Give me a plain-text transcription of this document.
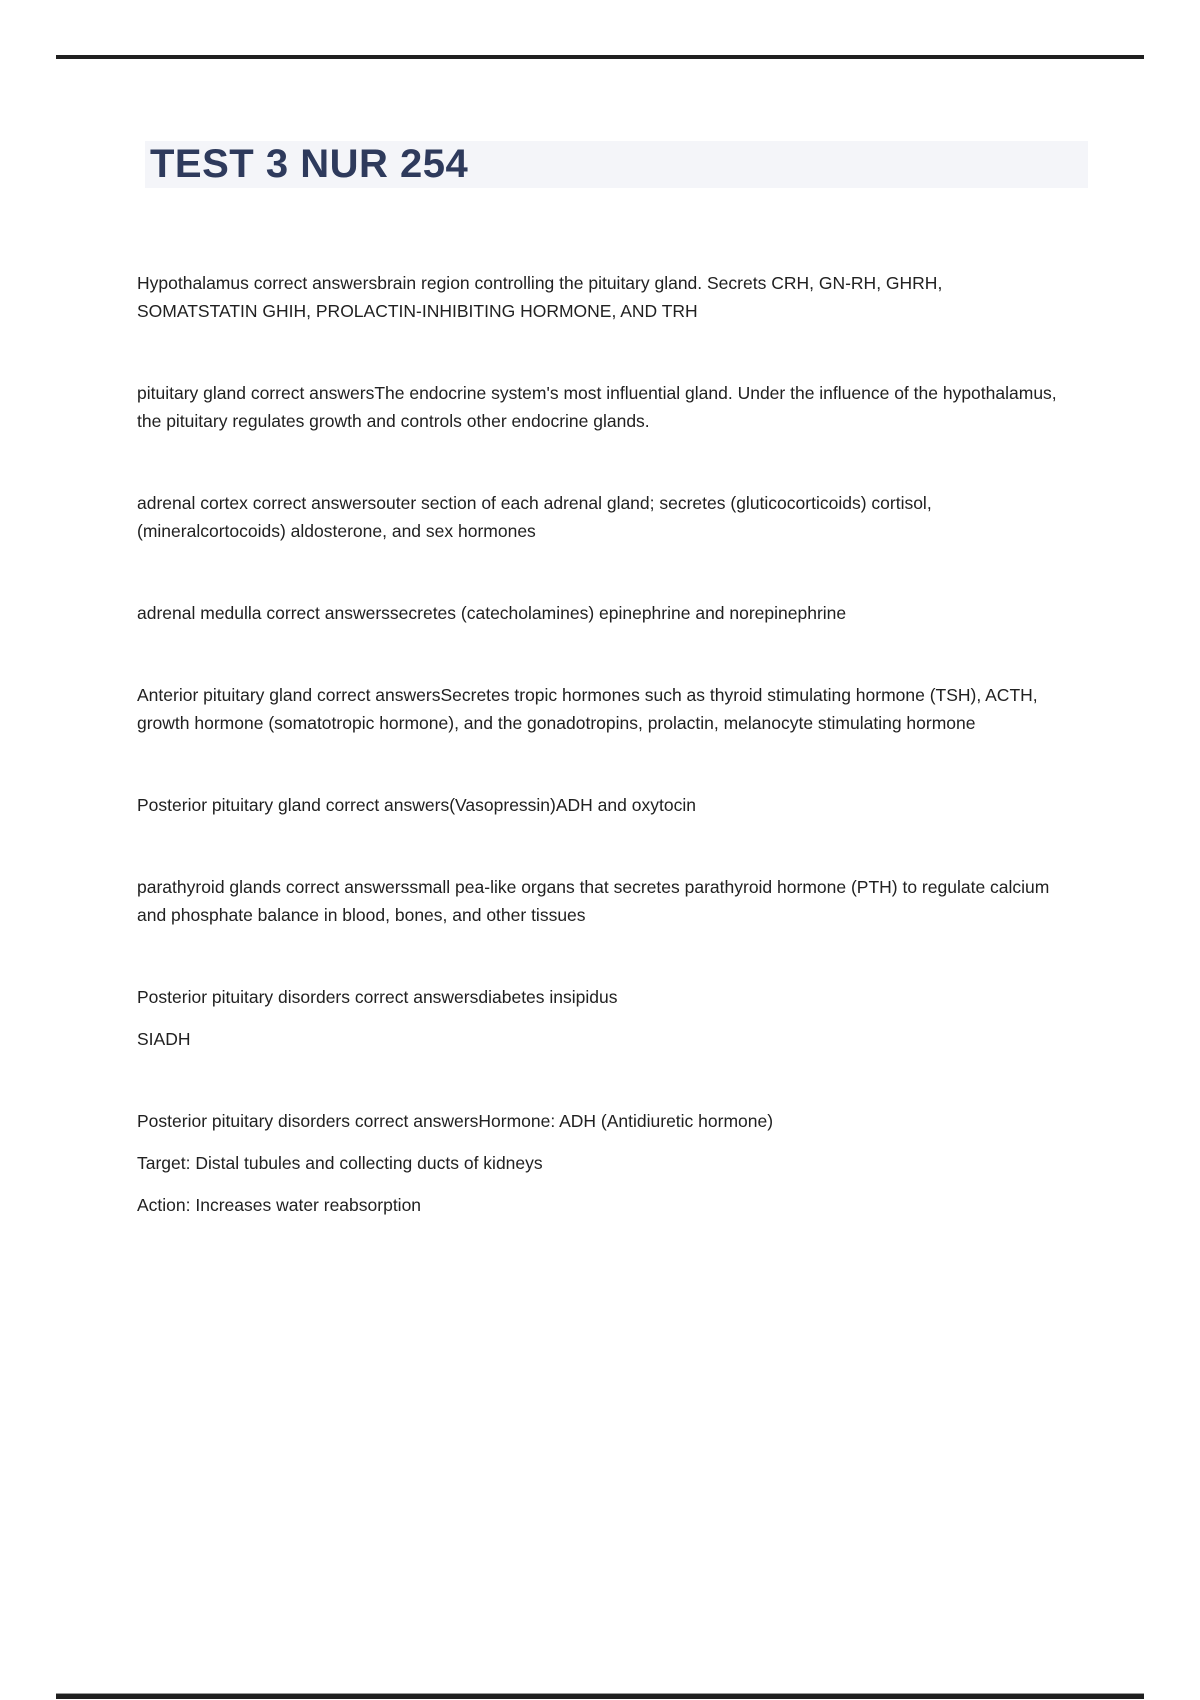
TEST 3 NUR 254

Hypothalamus correct answersbrain region controlling the pituitary gland. Secrets CRH, GN-RH, GHRH, SOMATSTATIN GHIH, PROLACTIN-INHIBITING HORMONE, AND TRH

pituitary gland correct answersThe endocrine system's most influential gland. Under the influence of the hypothalamus, the pituitary regulates growth and controls other endocrine glands.

adrenal cortex correct answersouter section of each adrenal gland; secretes (gluticocorticoids) cortisol, (mineralcortocoids) aldosterone, and sex hormones

adrenal medulla correct answerssecretes (catecholamines) epinephrine and norepinephrine

Anterior pituitary gland correct answersSecretes tropic hormones such as thyroid stimulating hormone (TSH), ACTH, growth hormone (somatotropic hormone), and the gonadotropins, prolactin, melanocyte stimulating hormone

Posterior pituitary gland correct answers(Vasopressin)ADH and oxytocin

parathyroid glands correct answerssmall pea-like organs that secretes parathyroid hormone (PTH) to regulate calcium and phosphate balance in blood, bones, and other tissues

Posterior pituitary disorders correct answersdiabetes insipidus

SIADH

Posterior pituitary disorders correct answersHormone: ADH (Antidiuretic hormone)

Target: Distal tubules and collecting ducts of kidneys

Action: Increases water reabsorption
